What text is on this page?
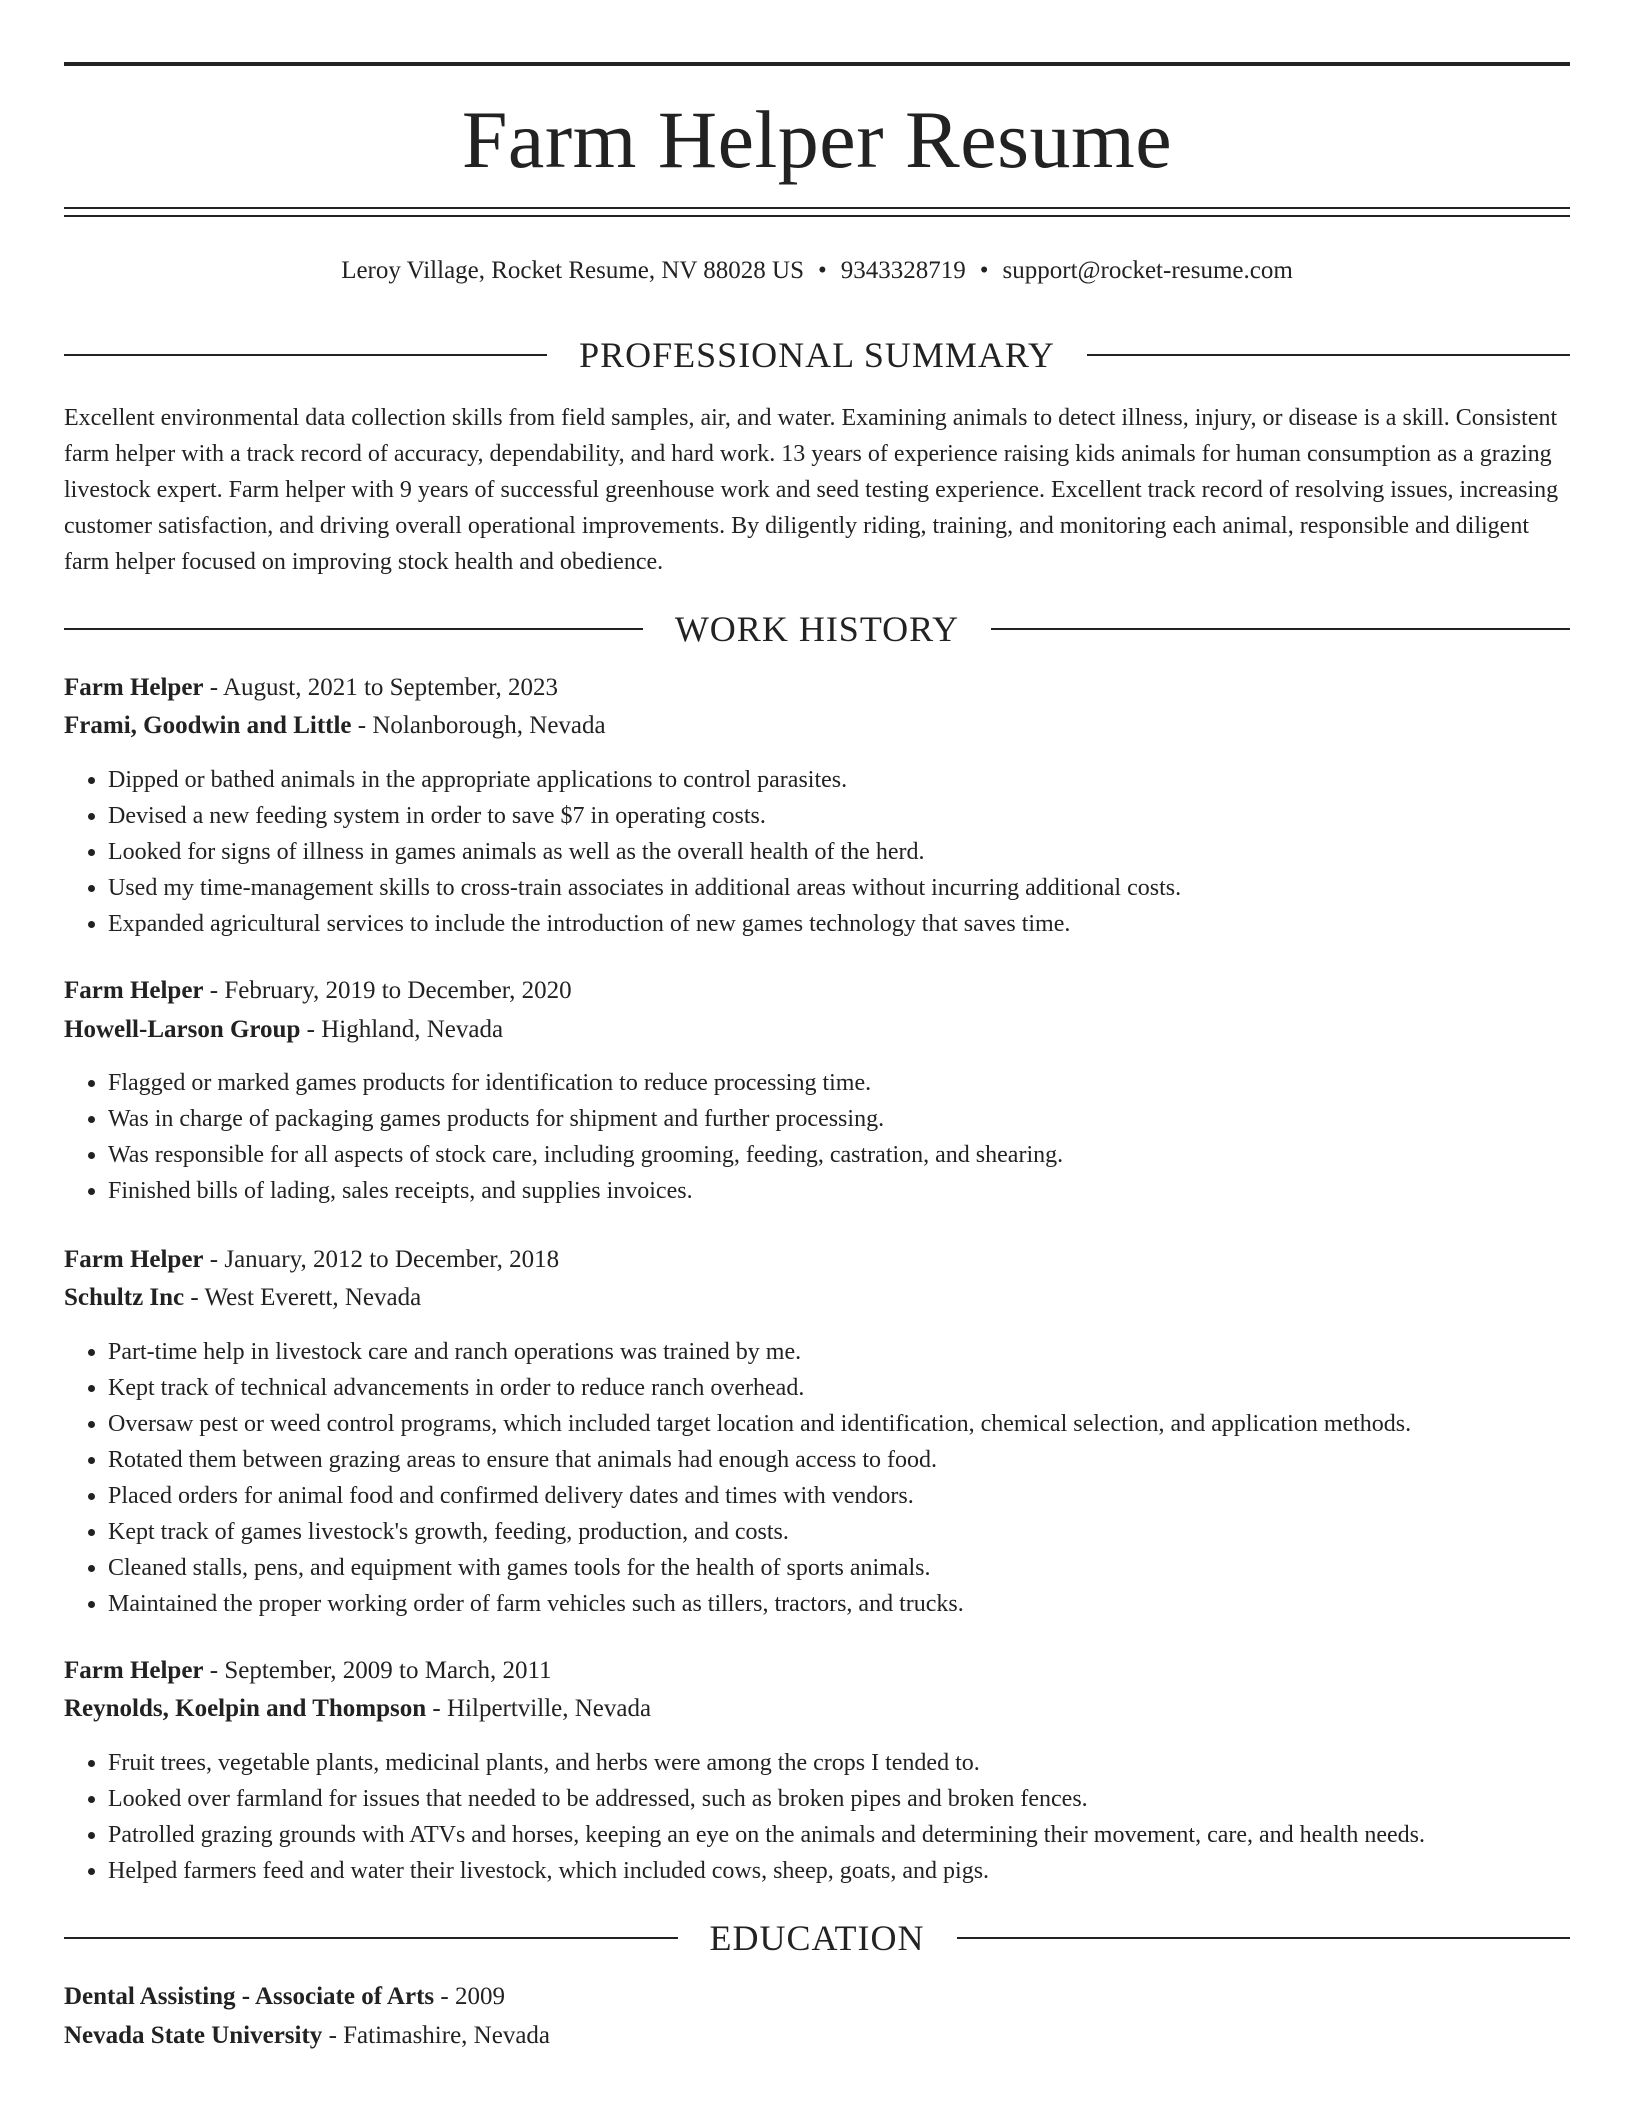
Farm Helper Resume
Leroy Village, Rocket Resume, NV 88028 US • 9343328719 • support@rocket-resume.com
PROFESSIONAL SUMMARY

Excellent environmental data collection skills from field samples, air, and water. Examining animals to detect illness, injury, or disease is a skill. Consistent farm helper with a track record of accuracy, dependability, and hard work. 13 years of experience raising kids animals for human consumption as a grazing livestock expert. Farm helper with 9 years of successful greenhouse work and seed testing experience. Excellent track record of resolving issues, increasing customer satisfaction, and driving overall operational improvements. By diligently riding, training, and monitoring each animal, responsible and diligent farm helper focused on improving stock health and obedience.

WORK HISTORY
Farm Helper - August, 2021 to September, 2023
Frami, Goodwin and Little - Nolanborough, Nevada
• Dipped or bathed animals in the appropriate applications to control parasites.
• Devised a new feeding system in order to save $7 in operating costs.
• Looked for signs of illness in games animals as well as the overall health of the herd.
• Used my time-management skills to cross-train associates in additional areas without incurring additional costs.
• Expanded agricultural services to include the introduction of new games technology that saves time.
Farm Helper - February, 2019 to December, 2020
Howell-Larson Group - Highland, Nevada
• Flagged or marked games products for identification to reduce processing time.
• Was in charge of packaging games products for shipment and further processing.
• Was responsible for all aspects of stock care, including grooming, feeding, castration, and shearing.
• Finished bills of lading, sales receipts, and supplies invoices.
Farm Helper - January, 2012 to December, 2018
Schultz Inc - West Everett, Nevada
• Part-time help in livestock care and ranch operations was trained by me.
• Kept track of technical advancements in order to reduce ranch overhead.
• Oversaw pest or weed control programs, which included target location and identification, chemical selection, and application methods.
• Rotated them between grazing areas to ensure that animals had enough access to food.
• Placed orders for animal food and confirmed delivery dates and times with vendors.
• Kept track of games livestock's growth, feeding, production, and costs.
• Cleaned stalls, pens, and equipment with games tools for the health of sports animals.
• Maintained the proper working order of farm vehicles such as tillers, tractors, and trucks.
Farm Helper - September, 2009 to March, 2011
Reynolds, Koelpin and Thompson - Hilpertville, Nevada
• Fruit trees, vegetable plants, medicinal plants, and herbs were among the crops I tended to.
• Looked over farmland for issues that needed to be addressed, such as broken pipes and broken fences.
• Patrolled grazing grounds with ATVs and horses, keeping an eye on the animals and determining their movement, care, and health needs.
• Helped farmers feed and water their livestock, which included cows, sheep, goats, and pigs.
EDUCATION
Dental Assisting - Associate of Arts - 2009
Nevada State University - Fatimashire, Nevada
